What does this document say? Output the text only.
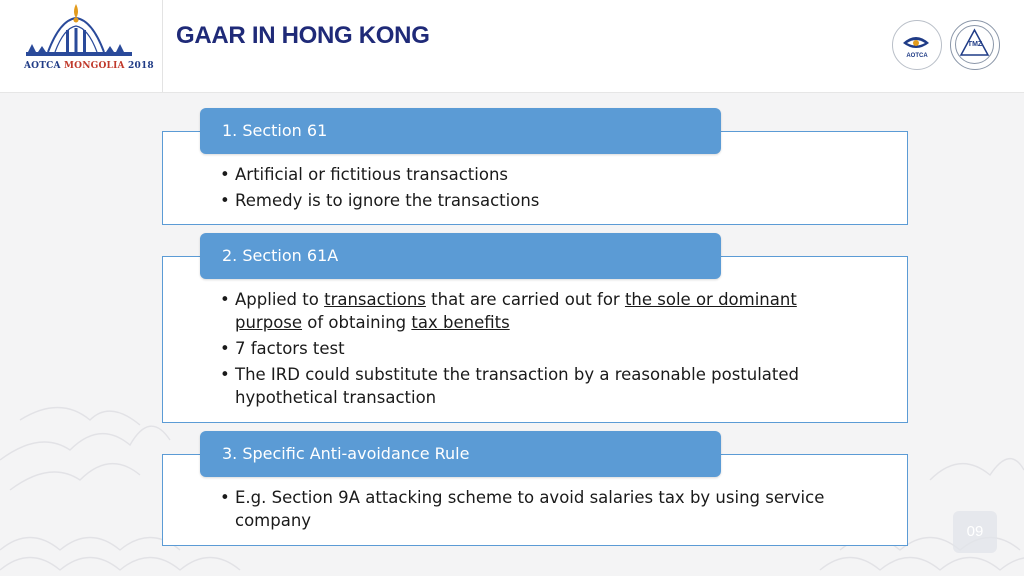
AOTCA MONGOLIA 2018
GAAR IN HONG KONG
AOTCA
TMZ
1. Section 61
• Artificial or fictitious transactions
• Remedy is to ignore the transactions
2. Section 61A
• Applied to transactions that are carried out for the sole or dominant purpose of obtaining tax benefits
• 7 factors test
• The IRD could substitute the transaction by a reasonable postulated hypothetical transaction
3. Specific Anti-avoidance Rule
• E.g. Section 9A attacking scheme to avoid salaries tax by using service company
09
